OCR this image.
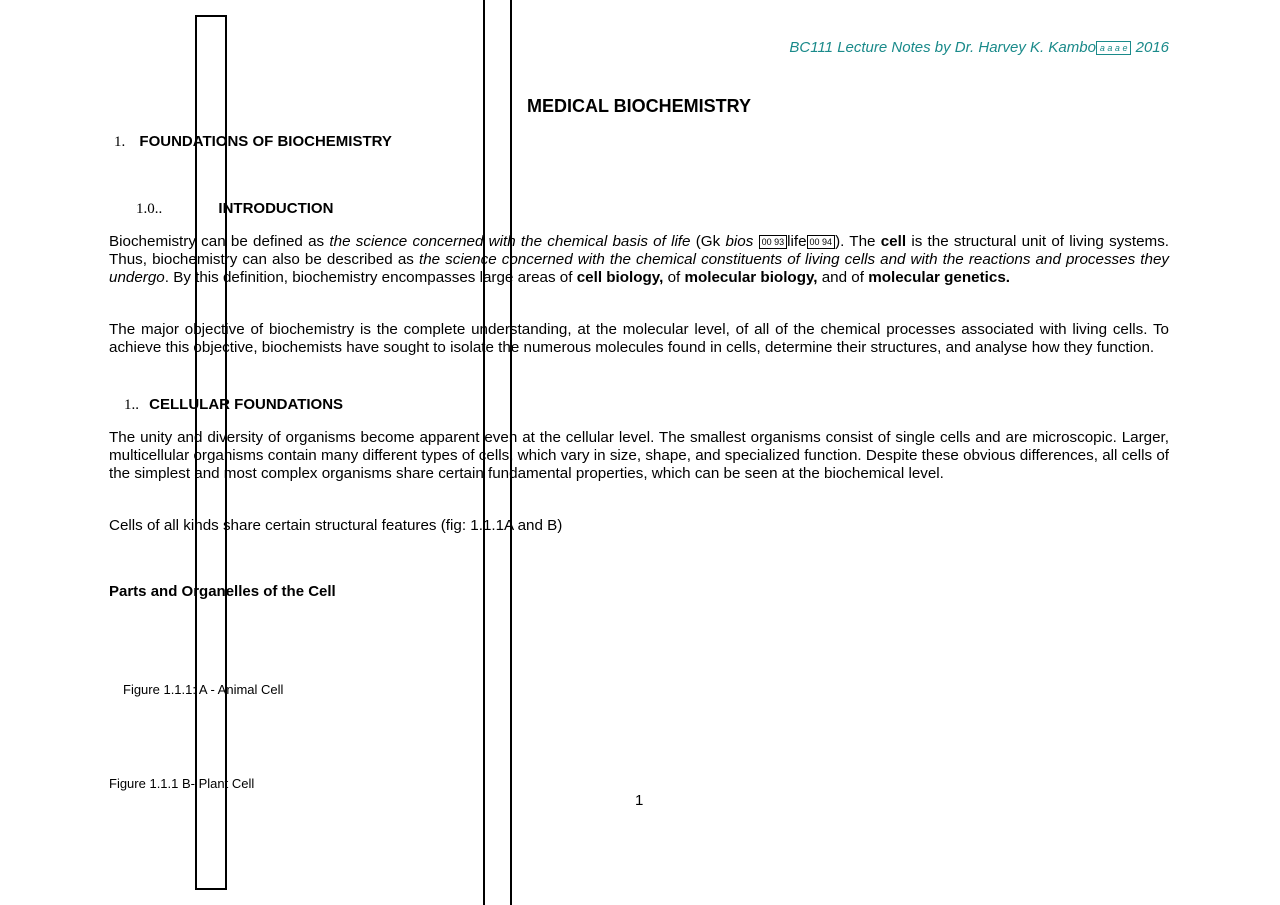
BC111 Lecture Notes by Dr. Harvey K. Kambo a a a e 2016
MEDICAL BIOCHEMISTRY
1. FOUNDATIONS OF BIOCHEMISTRY
1.0..	INTRODUCTION
Biochemistry can be defined as the science concerned with the chemical basis of life (Gk bios 00 93 life 00 94 ). The cell is the structural unit of living systems. Thus, biochemistry can also be described as the science concerned with the chemical constituents of living cells and with the reactions and processes they undergo. By this definition, biochemistry encompasses large areas of cell biology, of molecular biology, and of molecular genetics.
The major objective of biochemistry is the complete understanding, at the molecular level, of all of the chemical processes associated with living cells. To achieve this objective, biochemists have sought to isolate the numerous molecules found in cells, determine their structures, and analyse how they function.
1.. CELLULAR FOUNDATIONS
The unity and diversity of organisms become apparent even at the cellular level. The smallest organisms consist of single cells and are microscopic. Larger, multicellular organisms contain many different types of cells, which vary in size, shape, and specialized function. Despite these obvious differences, all cells of the simplest and most complex organisms share certain fundamental properties, which can be seen at the biochemical level.
Cells of all kinds share certain structural features (fig: 1.1.1A and B)
Parts and Organelles of the Cell
Figure 1.1.1: A - Animal Cell
Figure 1.1.1 B- Plant Cell
1
